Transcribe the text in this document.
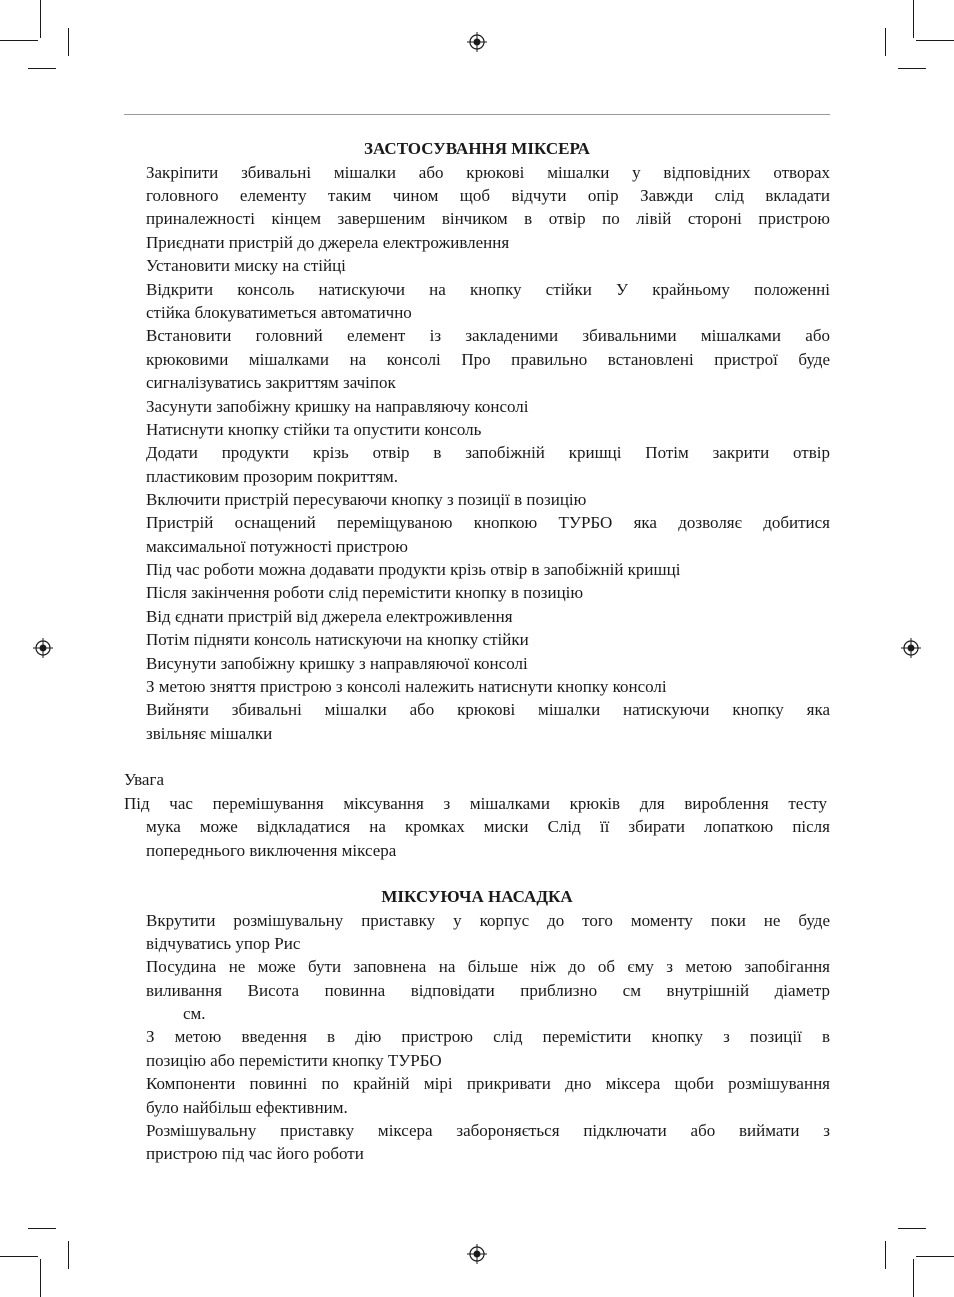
ЗАСТОСУВАННЯ МІКСЕРА
Закріпити збивальні мішалки або крюкові мішалки у відповідних отворах
головного елементу таким чином щоб відчути опір Завжди слід вкладати
приналежності кінцем завершеним вінчиком в отвір по лівій стороні пристрою
Приєднати пристрій до джерела електроживлення
Установити миску на стійці
Відкрити консоль натискуючи на кнопку стійки У крайньому положенні
стійка блокуватиметься автоматично
Встановити головний елемент із закладеними збивальними мішалками або
крюковими мішалками на консолі Про правильно встановлені пристрої буде
сигналізуватись закриттям зачіпок
Засунути запобіжну кришку на направляючу консолі
Натиснути кнопку стійки та опустити консоль
Додати продукти крізь отвір в запобіжній кришці Потім закрити отвір
пластиковим прозорим покриттям.
Включити пристрій пересуваючи кнопку з позиції в позицію
Пристрій оснащений переміщуваною кнопкою ТУРБО яка дозволяє добитися
максимальної потужності пристрою
Під час роботи можна додавати продукти крізь отвір в запобіжній кришці
Після закінчення роботи слід перемістити кнопку в позицію
Від єднати пристрій від джерела електроживлення
Потім підняти консоль натискуючи на кнопку стійки
Висунути запобіжну кришку з направляючої консолі
З метою зняття пристрою з консолі належить натиснути кнопку консолі
Вийняти збивальні мішалки або крюкові мішалки натискуючи кнопку яка
звільняє мішалки
Увага
Під час перемішування міксування з мішалками крюків для вироблення тесту
мука може відкладатися на кромках миски Слід її збирати лопаткою після
попереднього виключення міксера
МІКСУЮЧА НАСАДКА
Вкрутити розмішувальну приставку у корпус до того моменту поки не буде
відчуватись упор Рис
Посудина не може бути заповнена на більше ніж до об єму з метою запобігання
виливання Висота повинна відповідати приблизно см внутрішній діаметр
см.
З метою введення в дію пристрою слід перемістити кнопку з позиції в
позицію або перемістити кнопку ТУРБО
Компоненти повинні по крайній мірі прикривати дно міксера щоби розмішування
було найбільш ефективним.
Розмішувальну приставку міксера забороняється підключати або виймати з
пристрою під час його роботи
